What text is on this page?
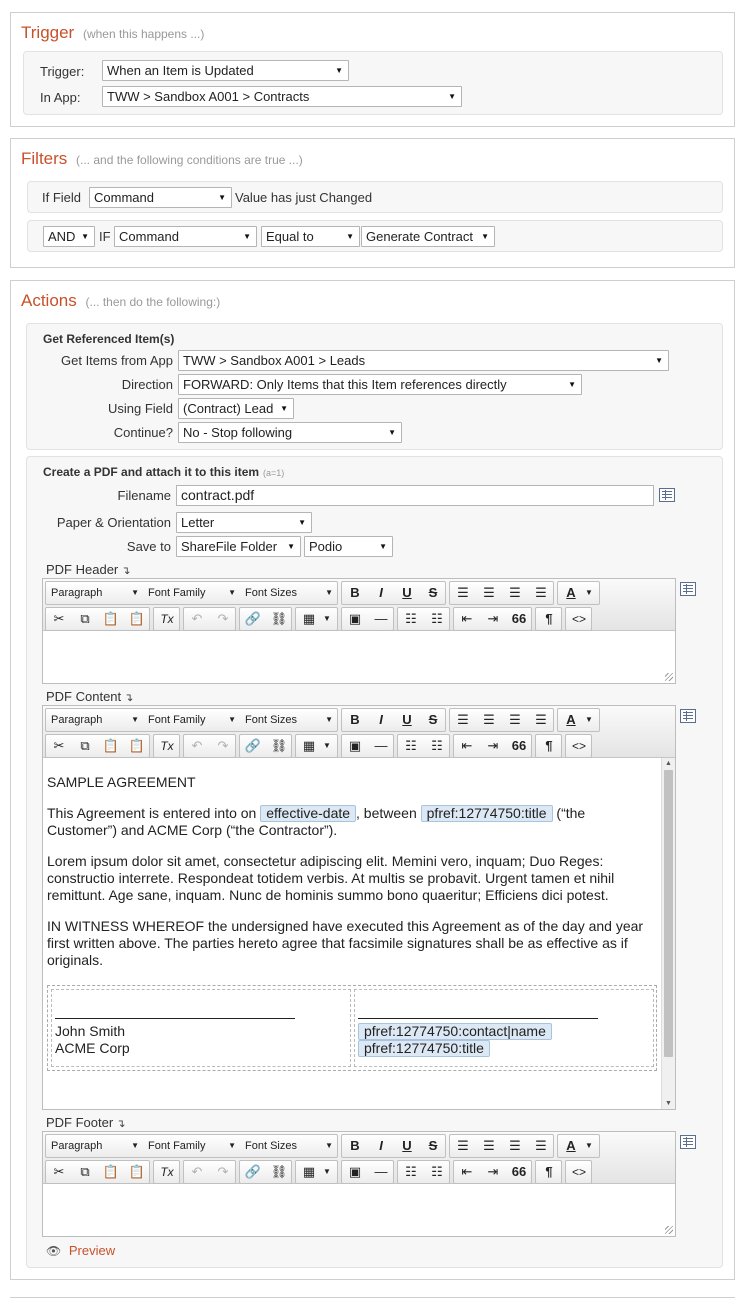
Trigger (when this happens ...)
Trigger:	When an Item is Updated	▼
In App:	TWW > Sandbox A001 > Contracts	▼
Filters (... and the following conditions are true ...)
If Field Command	▼ Value has just Changed
AND ▼ IF Command	▼	Equal to	▼ Generate Contract ▼
Actions (... then do the following:)
Get Referenced Item(s)
Get Items from App TWW > Sandbox A001 > Leads	▼
Direction FORWARD: Only Items that this Item references directly	▼
Using Field (Contract) Lead ▼
Continue? No - Stop following	▼
Create a PDF and attach it to this item (a=1)
Filename contract.pdf
Paper & Orientation Letter	▼
Save to ShareFile Folder ▼	Podio	▼
PDF Header ↴
PDF Content ↴
PDF Footer ↴
👁 Preview
Paragraph	▼ Font Family	▼ Font Sizes	▼	B	I	U	S	☰	☰	☰	☰	A	▼
✂	⧉	📋 📋	Tx	↶	↷	🔗 ⛓	▦ ▼	▣	—	☷	☷	⇤	⇥	66	¶	<>
Paragraph	▼ Font Family	▼ Font Sizes	▼	B	I	U	S	☰	☰	☰	☰	A	▼
✂	⧉	📋 📋	Tx	↶	↷	🔗 ⛓	▦ ▼	▣	—	☷	☷	⇤	⇥	66	¶	<>

SAMPLE AGREEMENT

This Agreement is entered into on effective-date , between pfref:12774750:title (“the Customer”) and ACME Corp (“the Contractor”).

Lorem ipsum dolor sit amet, consectetur adipiscing elit. Memini vero, inquam; Duo Reges: constructio interrete. Respondeat totidem verbis. At multis se probavit. Urgent tamen et nihil remittunt. Age sane, inquam. Nunc de hominis summo bono quaeritur; Efficiens dici potest.

IN WITNESS WHEREOF the undersigned have executed this Agreement as of the day and year first written above. The parties hereto agree that facsimile signatures shall be as effective as if originals.

John Smith
ACME Corp
pfref:12774750:contact|name
pfref:12774750:title
▲
▼
Paragraph	▼ Font Family	▼ Font Sizes	▼	B	I	U	S	☰	☰	☰	☰	A	▼
✂	⧉	📋 📋	Tx	↶	↷	🔗 ⛓	▦ ▼	▣	—	☷	☷	⇤	⇥	66	¶	<>
